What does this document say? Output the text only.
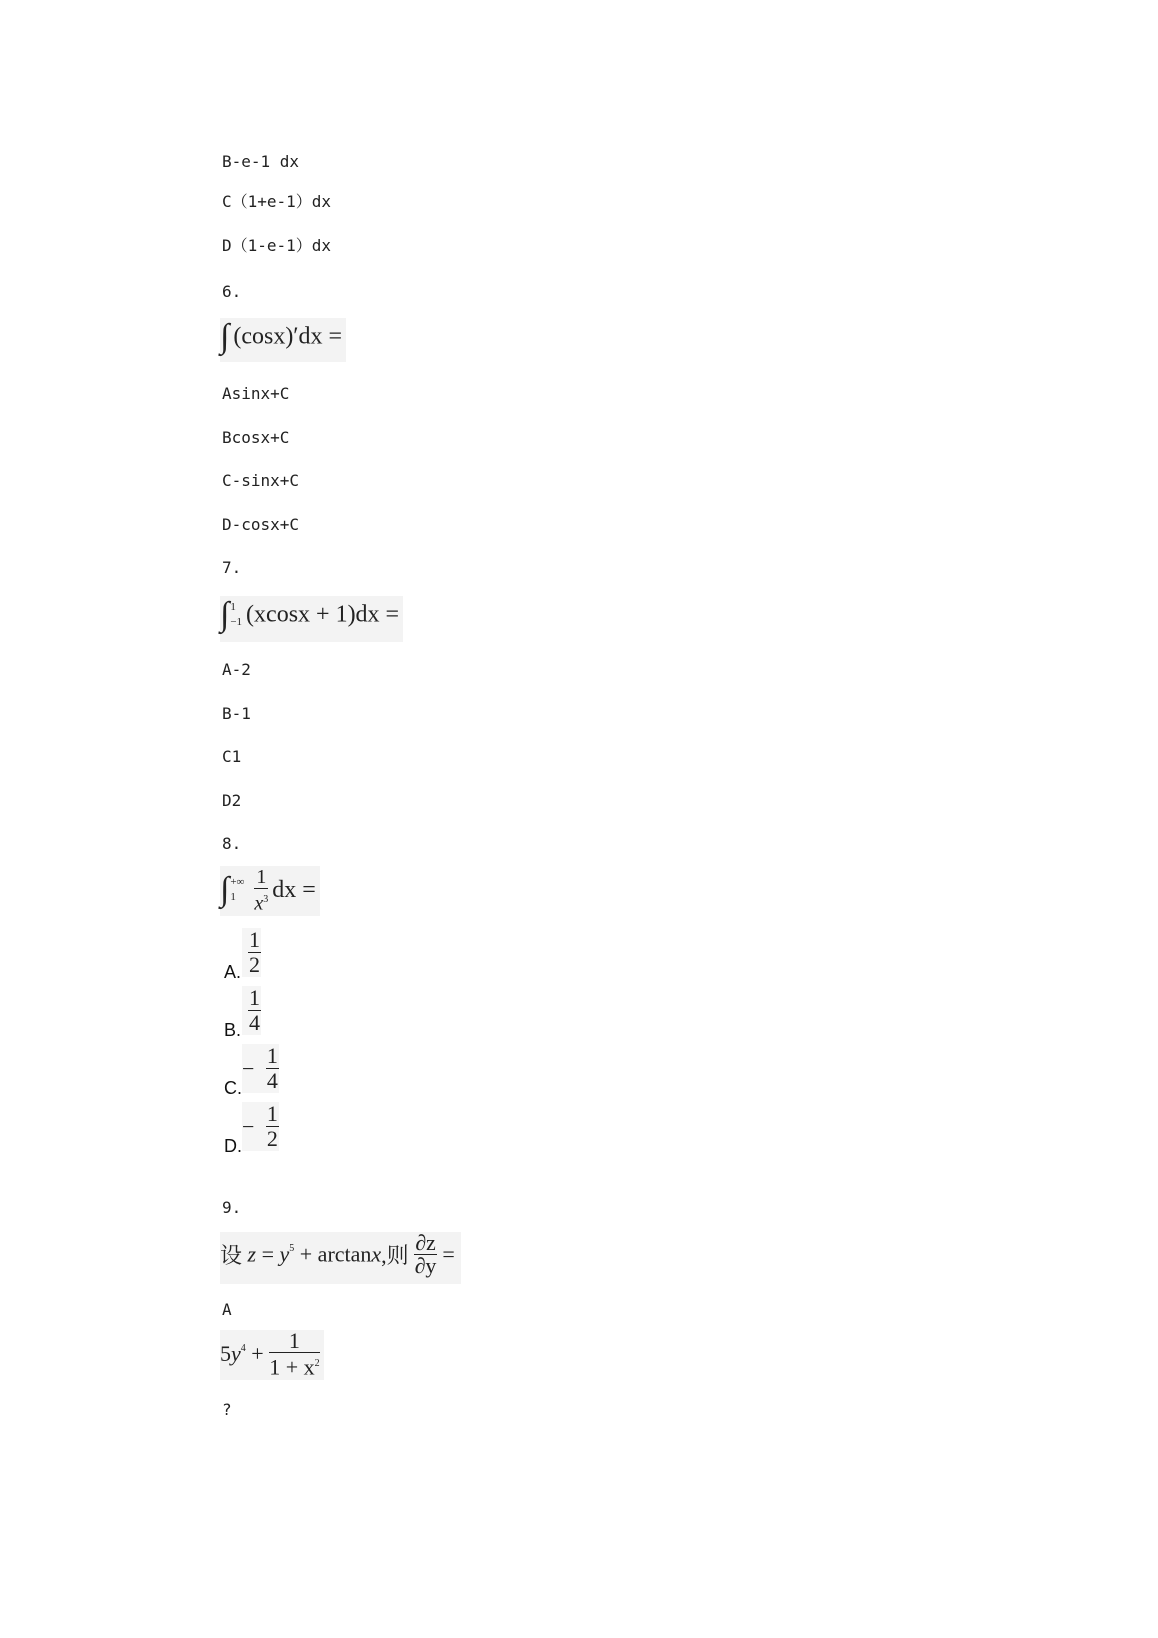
B-e-1 dx
C（1+e-1）dx
D（1-e-1）dx
6.
∫ (cosx)′dx =
Asinx+C
Bcosx+C
C-sinx+C
D-cosx+C
7.
∫ 1
−1 (xcosx + 1)dx =
A-2
B-1
C1
D2
8.
∫ +∞
1
$\frac{1}{x^3}$ dx =
A. $\frac{1}{2}$
B. $\frac{1}{4}$
C.
− $\frac{1}{4}$
D.
− $\frac{1}{2}$
9.
设 $z = y^5 + \arctan x$,则 $\frac{\partial z}{\partial y}$ =
A
$5y^4 + \frac{1}{1 + x^2}$
?
